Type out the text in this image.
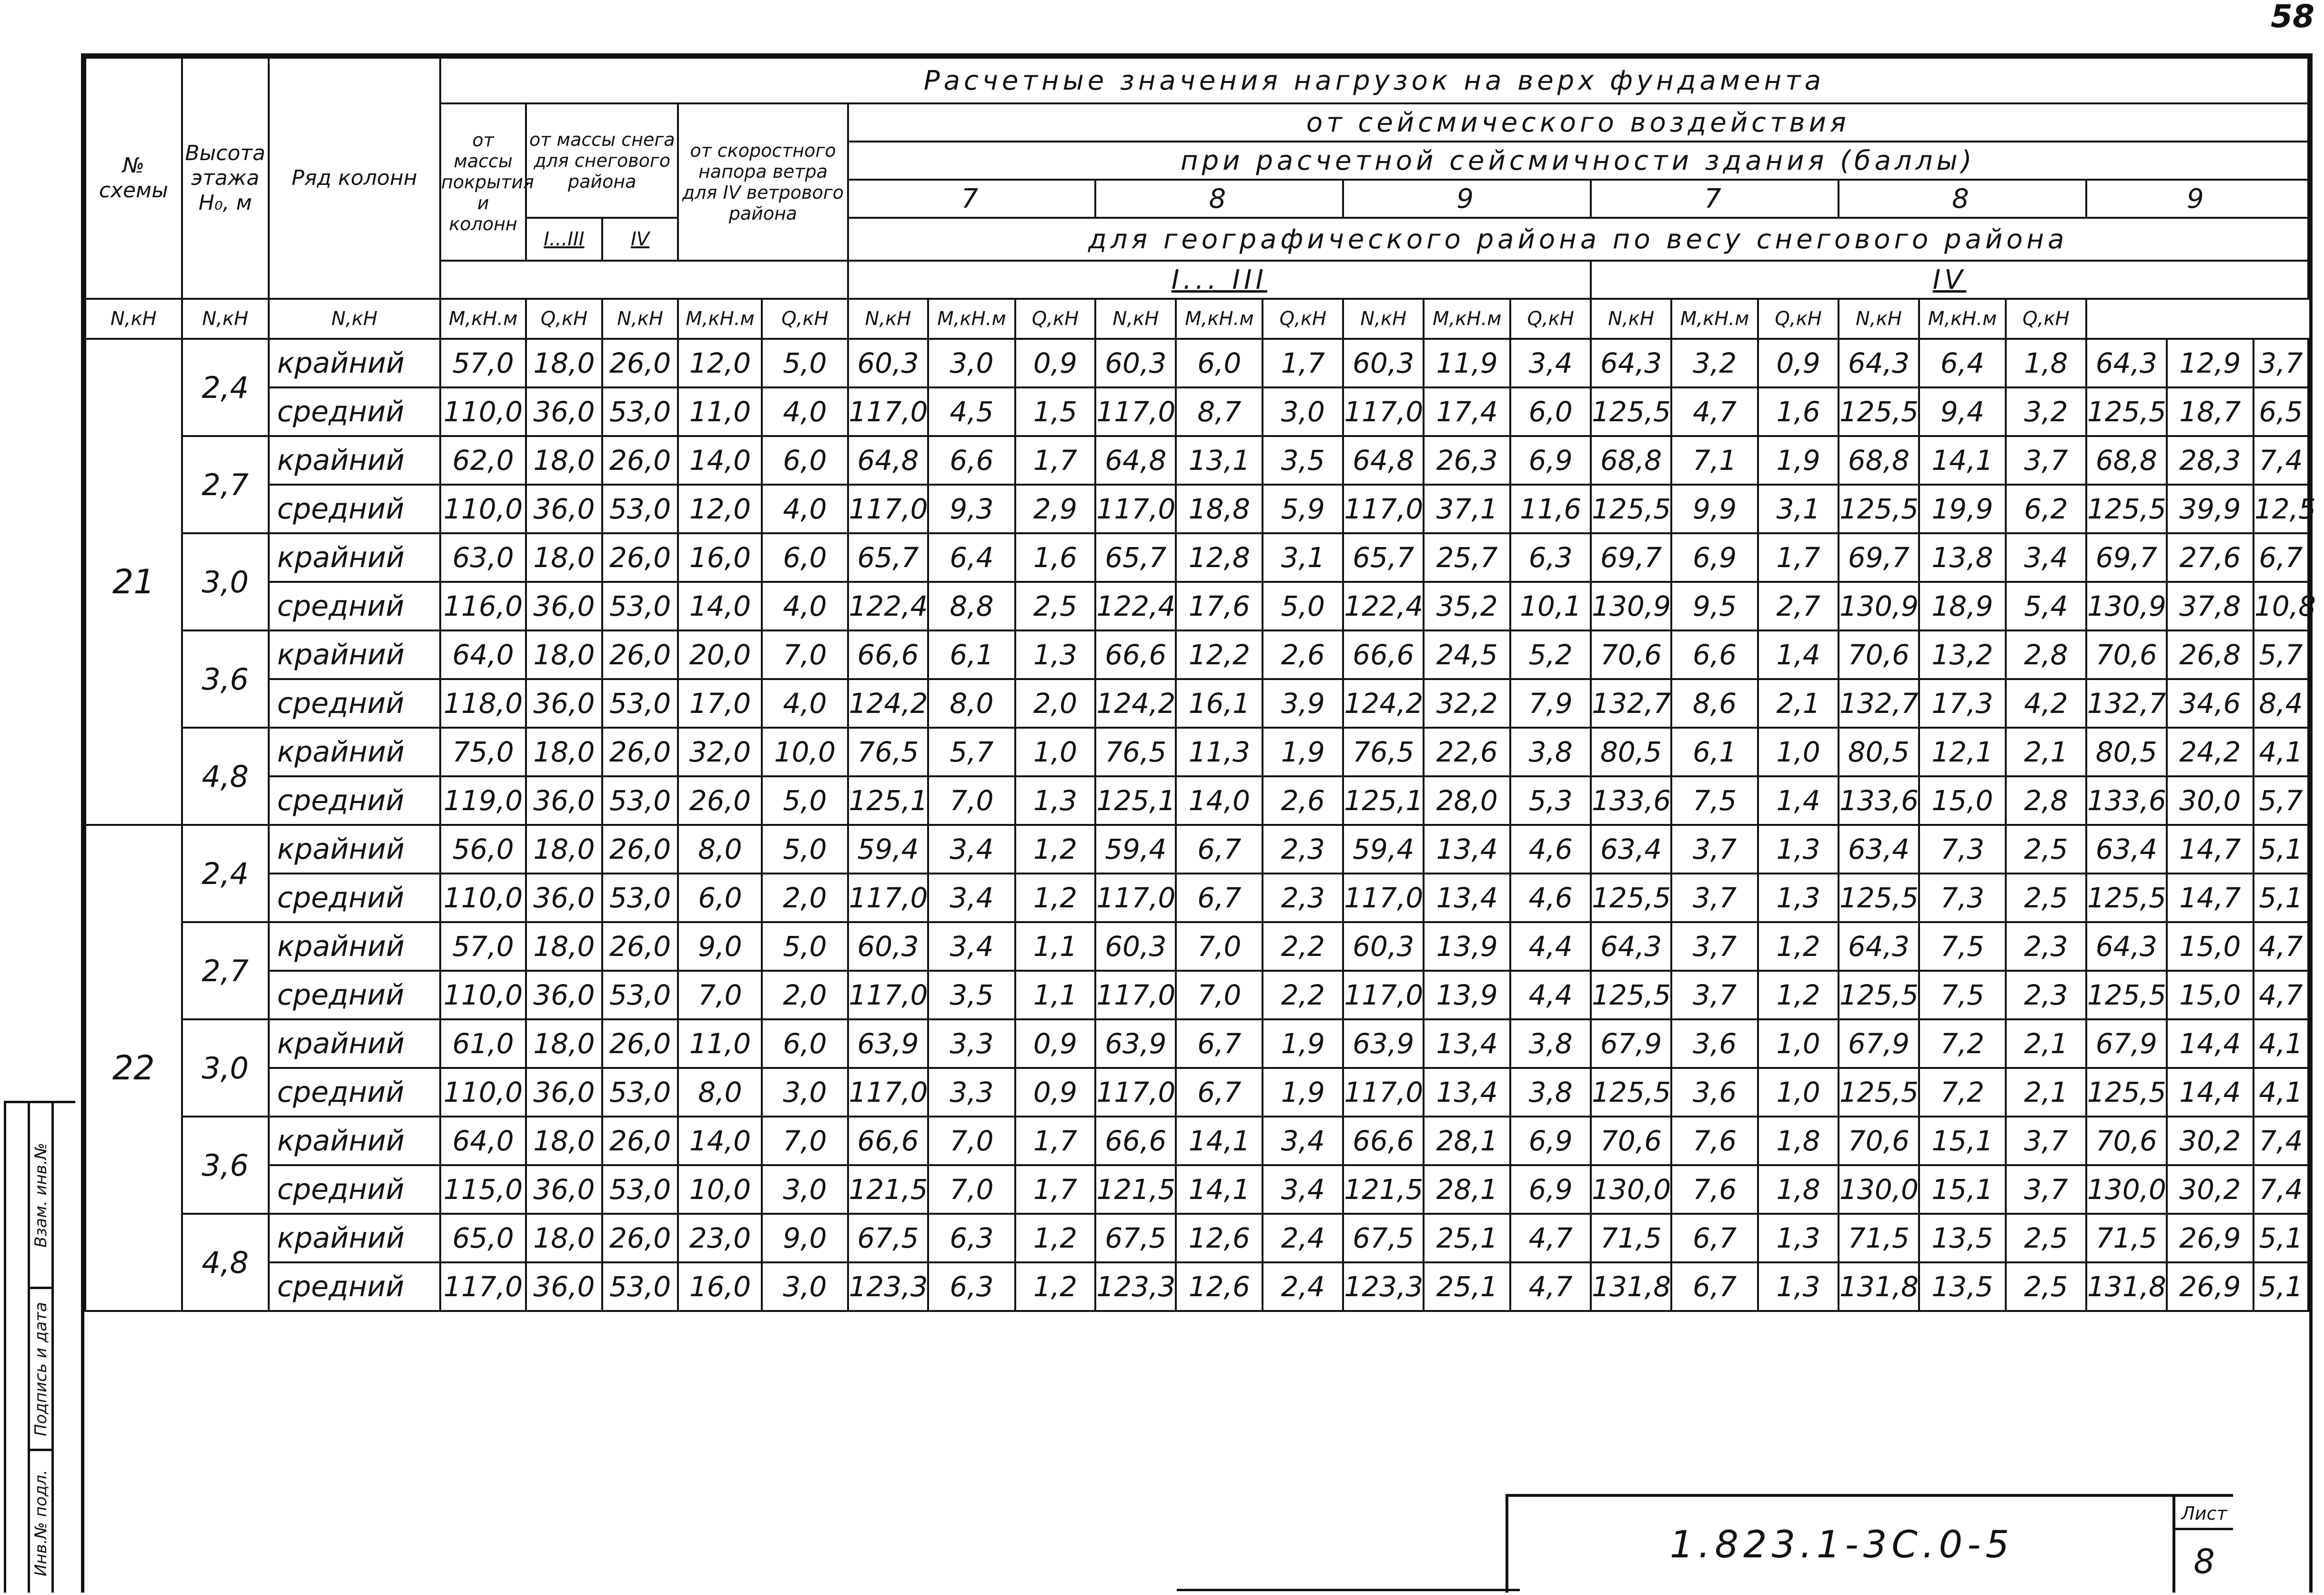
58
№ схемы	Высота этажа H₀, м	Ряд колонн	Расчетные значения нагрузок на верх фундамента																						
			от массы покрытия и колонн	от массы снега для снегового района		от скоростного напора ветра для IV ветрового района		от сейсмического воздействия																	
								при расчетной сейсмичности здания (баллы)																	
								7			8			9			7			8			9		
				I...III	IV			для географического района по весу снегового района																	
								I... III									IV								
N,кН	N,кН	N,кН	M,кН.м	Q,кН	N,кН	M,кН.м	Q,кН	N,кН	M,кН.м	Q,кН	N,кН	M,кН.м	Q,кН	N,кН	M,кН.м	Q,кН	N,кН	M,кН.м	Q,кН	N,кН	M,кН.м	Q,кН			
21	2,4	крайний	57,0	18,0	26,0	12,0	5,0	60,3	3,0	0,9	60,3	6,0	1,7	60,3	11,9	3,4	64,3	3,2	0,9	64,3	6,4	1,8	64,3	12,9	3,7
		средний	110,0	36,0	53,0	11,0	4,0	117,0	4,5	1,5	117,0	8,7	3,0	117,0	17,4	6,0	125,5	4,7	1,6	125,5	9,4	3,2	125,5	18,7	6,5
	2,7	крайний	62,0	18,0	26,0	14,0	6,0	64,8	6,6	1,7	64,8	13,1	3,5	64,8	26,3	6,9	68,8	7,1	1,9	68,8	14,1	3,7	68,8	28,3	7,4
		средний	110,0	36,0	53,0	12,0	4,0	117,0	9,3	2,9	117,0	18,8	5,9	117,0	37,1	11,6	125,5	9,9	3,1	125,5	19,9	6,2	125,5	39,9	12,5
	3,0	крайний	63,0	18,0	26,0	16,0	6,0	65,7	6,4	1,6	65,7	12,8	3,1	65,7	25,7	6,3	69,7	6,9	1,7	69,7	13,8	3,4	69,7	27,6	6,7
		средний	116,0	36,0	53,0	14,0	4,0	122,4	8,8	2,5	122,4	17,6	5,0	122,4	35,2	10,1	130,9	9,5	2,7	130,9	18,9	5,4	130,9	37,8	10,8
	3,6	крайний	64,0	18,0	26,0	20,0	7,0	66,6	6,1	1,3	66,6	12,2	2,6	66,6	24,5	5,2	70,6	6,6	1,4	70,6	13,2	2,8	70,6	26,8	5,7
		средний	118,0	36,0	53,0	17,0	4,0	124,2	8,0	2,0	124,2	16,1	3,9	124,2	32,2	7,9	132,7	8,6	2,1	132,7	17,3	4,2	132,7	34,6	8,4
	4,8	крайний	75,0	18,0	26,0	32,0	10,0	76,5	5,7	1,0	76,5	11,3	1,9	76,5	22,6	3,8	80,5	6,1	1,0	80,5	12,1	2,1	80,5	24,2	4,1
		средний	119,0	36,0	53,0	26,0	5,0	125,1	7,0	1,3	125,1	14,0	2,6	125,1	28,0	5,3	133,6	7,5	1,4	133,6	15,0	2,8	133,6	30,0	5,7
22	2,4	крайний	56,0	18,0	26,0	8,0	5,0	59,4	3,4	1,2	59,4	6,7	2,3	59,4	13,4	4,6	63,4	3,7	1,3	63,4	7,3	2,5	63,4	14,7	5,1
		средний	110,0	36,0	53,0	6,0	2,0	117,0	3,4	1,2	117,0	6,7	2,3	117,0	13,4	4,6	125,5	3,7	1,3	125,5	7,3	2,5	125,5	14,7	5,1
	2,7	крайний	57,0	18,0	26,0	9,0	5,0	60,3	3,4	1,1	60,3	7,0	2,2	60,3	13,9	4,4	64,3	3,7	1,2	64,3	7,5	2,3	64,3	15,0	4,7
		средний	110,0	36,0	53,0	7,0	2,0	117,0	3,5	1,1	117,0	7,0	2,2	117,0	13,9	4,4	125,5	3,7	1,2	125,5	7,5	2,3	125,5	15,0	4,7
	3,0	крайний	61,0	18,0	26,0	11,0	6,0	63,9	3,3	0,9	63,9	6,7	1,9	63,9	13,4	3,8	67,9	3,6	1,0	67,9	7,2	2,1	67,9	14,4	4,1
		средний	110,0	36,0	53,0	8,0	3,0	117,0	3,3	0,9	117,0	6,7	1,9	117,0	13,4	3,8	125,5	3,6	1,0	125,5	7,2	2,1	125,5	14,4	4,1
	3,6	крайний	64,0	18,0	26,0	14,0	7,0	66,6	7,0	1,7	66,6	14,1	3,4	66,6	28,1	6,9	70,6	7,6	1,8	70,6	15,1	3,7	70,6	30,2	7,4
		средний	115,0	36,0	53,0	10,0	3,0	121,5	7,0	1,7	121,5	14,1	3,4	121,5	28,1	6,9	130,0	7,6	1,8	130,0	15,1	3,7	130,0	30,2	7,4
	4,8	крайний	65,0	18,0	26,0	23,0	9,0	67,5	6,3	1,2	67,5	12,6	2,4	67,5	25,1	4,7	71,5	6,7	1,3	71,5	13,5	2,5	71,5	26,9	5,1
		средний	117,0	36,0	53,0	16,0	3,0	123,3	6,3	1,2	123,3	12,6	2,4	123,3	25,1	4,7	131,8	6,7	1,3	131,8	13,5	2,5	131,8	26,9	5,1
Взам. инв.№
Подпись и дата
Инв.№ подл.	1.823.1-3С.0-5
Лист
8
